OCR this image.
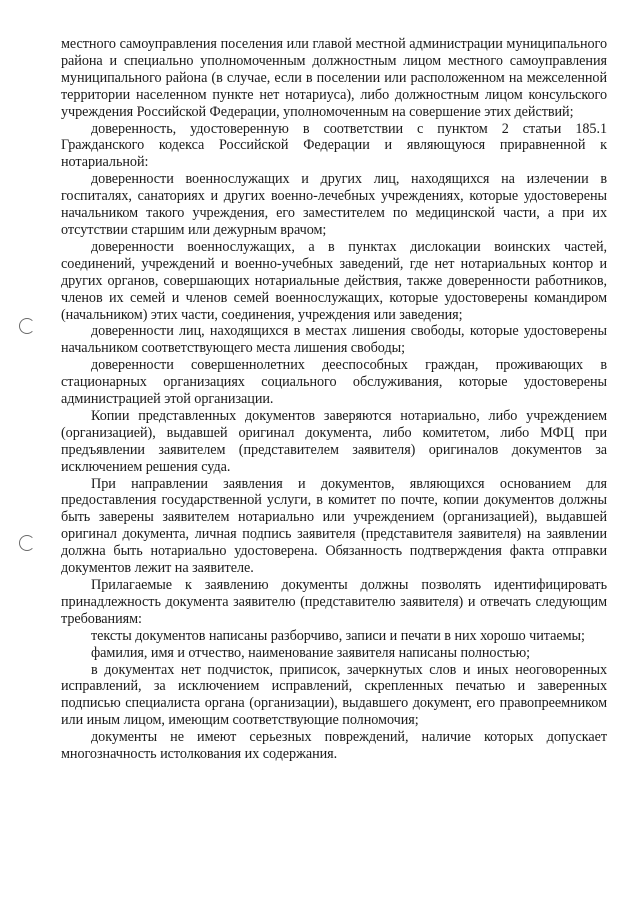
местного самоуправления поселения или главой местной администрации муниципального района и специально уполномоченным должностным лицом местного самоуправления муниципального района (в случае, если в поселении или расположенном на межселенной территории населенном пункте нет нотариуса), либо должностным лицом консульского учреждения Российской Федерации, уполномоченным на совершение этих действий;

доверенность, удостоверенную в соответствии с пунктом 2 статьи 185.1 Гражданского кодекса Российской Федерации и являющуюся приравненной к нотариальной:

доверенности военнослужащих и других лиц, находящихся на излечении в госпиталях, санаториях и других военно-лечебных учреждениях, которые удостоверены начальником такого учреждения, его заместителем по медицинской части, а при их отсутствии старшим или дежурным врачом;

доверенности военнослужащих, а в пунктах дислокации воинских частей, соединений, учреждений и военно-учебных заведений, где нет нотариальных контор и других органов, совершающих нотариальные действия, также доверенности работников, членов их семей и членов семей военнослужащих, которые удостоверены командиром (начальником) этих части, соединения, учреждения или заведения;

доверенности лиц, находящихся в местах лишения свободы, которые удостоверены начальником соответствующего места лишения свободы;

доверенности совершеннолетних дееспособных граждан, проживающих в стационарных организациях социального обслуживания, которые удостоверены администрацией этой организации.

Копии представленных документов заверяются нотариально, либо учреждением (организацией), выдавшей оригинал документа, либо комитетом, либо МФЦ при предъявлении заявителем (представителем заявителя) оригиналов документов за исключением решения суда.

При направлении заявления и документов, являющихся основанием для предоставления государственной услуги, в комитет по почте, копии документов должны быть заверены заявителем нотариально или учреждением (организацией), выдавшей оригинал документа, личная подпись заявителя (представителя заявителя) на заявлении должна быть нотариально удостоверена. Обязанность подтверждения факта отправки документов лежит на заявителе.

Прилагаемые к заявлению документы должны позволять идентифицировать принадлежность документа заявителю (представителю заявителя) и отвечать следующим требованиям:

тексты документов написаны разборчиво, записи и печати в них хорошо читаемы;

фамилия, имя и отчество, наименование заявителя написаны полностью;

в документах нет подчисток, приписок, зачеркнутых слов и иных неоговоренных исправлений, за исключением исправлений, скрепленных печатью и заверенных подписью специалиста органа (организации), выдавшего документ, его правопреемником или иным лицом, имеющим соответствующие полномочия;

документы не имеют серьезных повреждений, наличие которых допускает многозначность истолкования их содержания.
